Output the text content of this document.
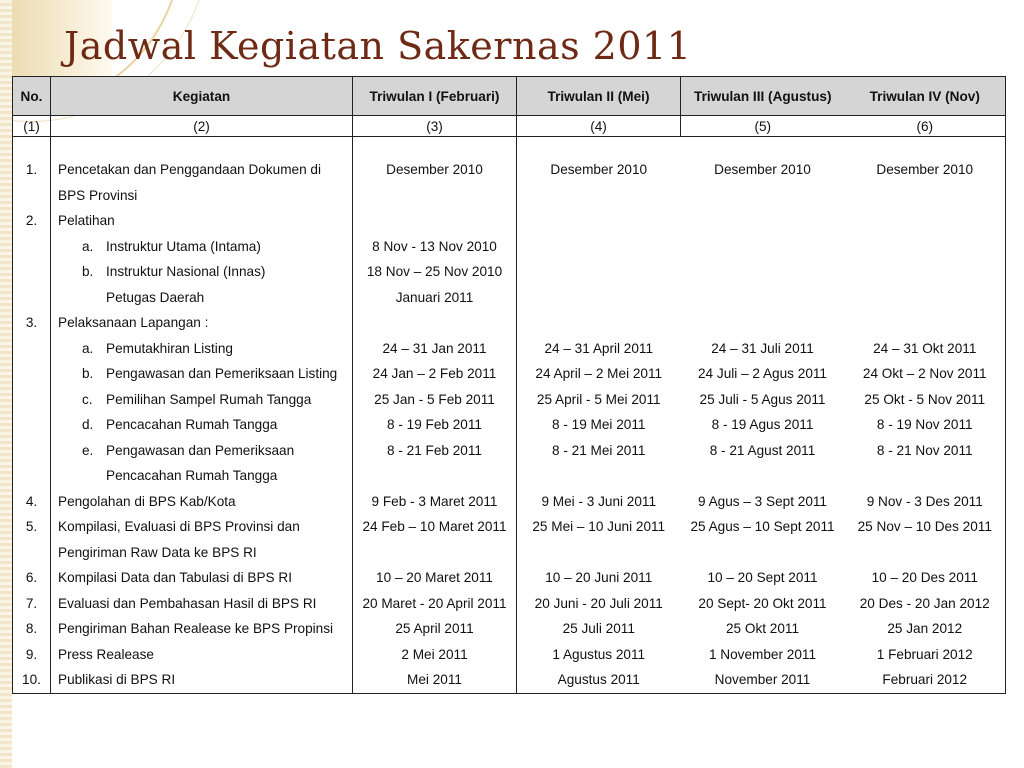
Jadwal Kegiatan Sakernas 2011
No.	Kegiatan	Triwulan I (Februari)	Triwulan II (Mei)	Triwulan III (Agustus)	Triwulan IV (Nov)
(1)	(2)	(3)	(4)	(5)	(6)

1.	Pencetakan dan Penggandaan Dokumen di	Desember 2010	Desember 2010	Desember 2010	Desember 2010
	BPS Provinsi				
2.	Pelatihan				
	a. Instruktur Utama (Intama)	8 Nov - 13 Nov 2010			
	b. Instruktur Nasional (Innas)	18 Nov – 25 Nov 2010			
	Petugas Daerah	Januari 2011			
3.	Pelaksanaan Lapangan :				
	a. Pemutakhiran Listing	24 – 31 Jan 2011	24 – 31 April 2011	24 – 31 Juli 2011	24 – 31 Okt 2011
	b. Pengawasan dan Pemeriksaan Listing	24 Jan – 2 Feb 2011	24 April – 2 Mei 2011	24 Juli – 2 Agus 2011	24 Okt – 2 Nov 2011
	c. Pemilihan Sampel Rumah Tangga	25 Jan - 5 Feb 2011	25 April - 5 Mei 2011	25 Juli - 5 Agus 2011	25 Okt - 5 Nov 2011
	d. Pencacahan Rumah Tangga	8 - 19 Feb 2011	8 - 19 Mei 2011	8 - 19 Agus 2011	8 - 19 Nov 2011
	e. Pengawasan dan Pemeriksaan	8 - 21 Feb 2011	8 - 21 Mei 2011	8 - 21 Agust 2011	8 - 21 Nov 2011
	Pencacahan Rumah Tangga				
4.	Pengolahan di BPS Kab/Kota	9 Feb - 3 Maret 2011	9 Mei - 3 Juni 2011	9 Agus – 3 Sept 2011	9 Nov - 3 Des 2011
5.	Kompilasi, Evaluasi di BPS Provinsi dan	24 Feb – 10 Maret 2011	25 Mei – 10 Juni 2011	25 Agus – 10 Sept 2011	25 Nov – 10 Des 2011
	Pengiriman Raw Data ke BPS RI				
6.	Kompilasi Data dan Tabulasi di BPS RI	10 – 20 Maret 2011	10 – 20 Juni 2011	10 – 20 Sept 2011	10 – 20 Des 2011
7.	Evaluasi dan Pembahasan Hasil di BPS RI	20 Maret - 20 April 2011	20 Juni - 20 Juli 2011	20 Sept- 20 Okt 2011	20 Des - 20 Jan 2012
8.	Pengiriman Bahan Realease ke BPS Propinsi	25 April 2011	25 Juli 2011	25 Okt 2011	25 Jan 2012
9.	Press Realease	2 Mei 2011	1 Agustus 2011	1 November 2011	1 Februari 2012
10.	Publikasi di BPS RI	Mei 2011	Agustus 2011	November 2011	Februari 2012
